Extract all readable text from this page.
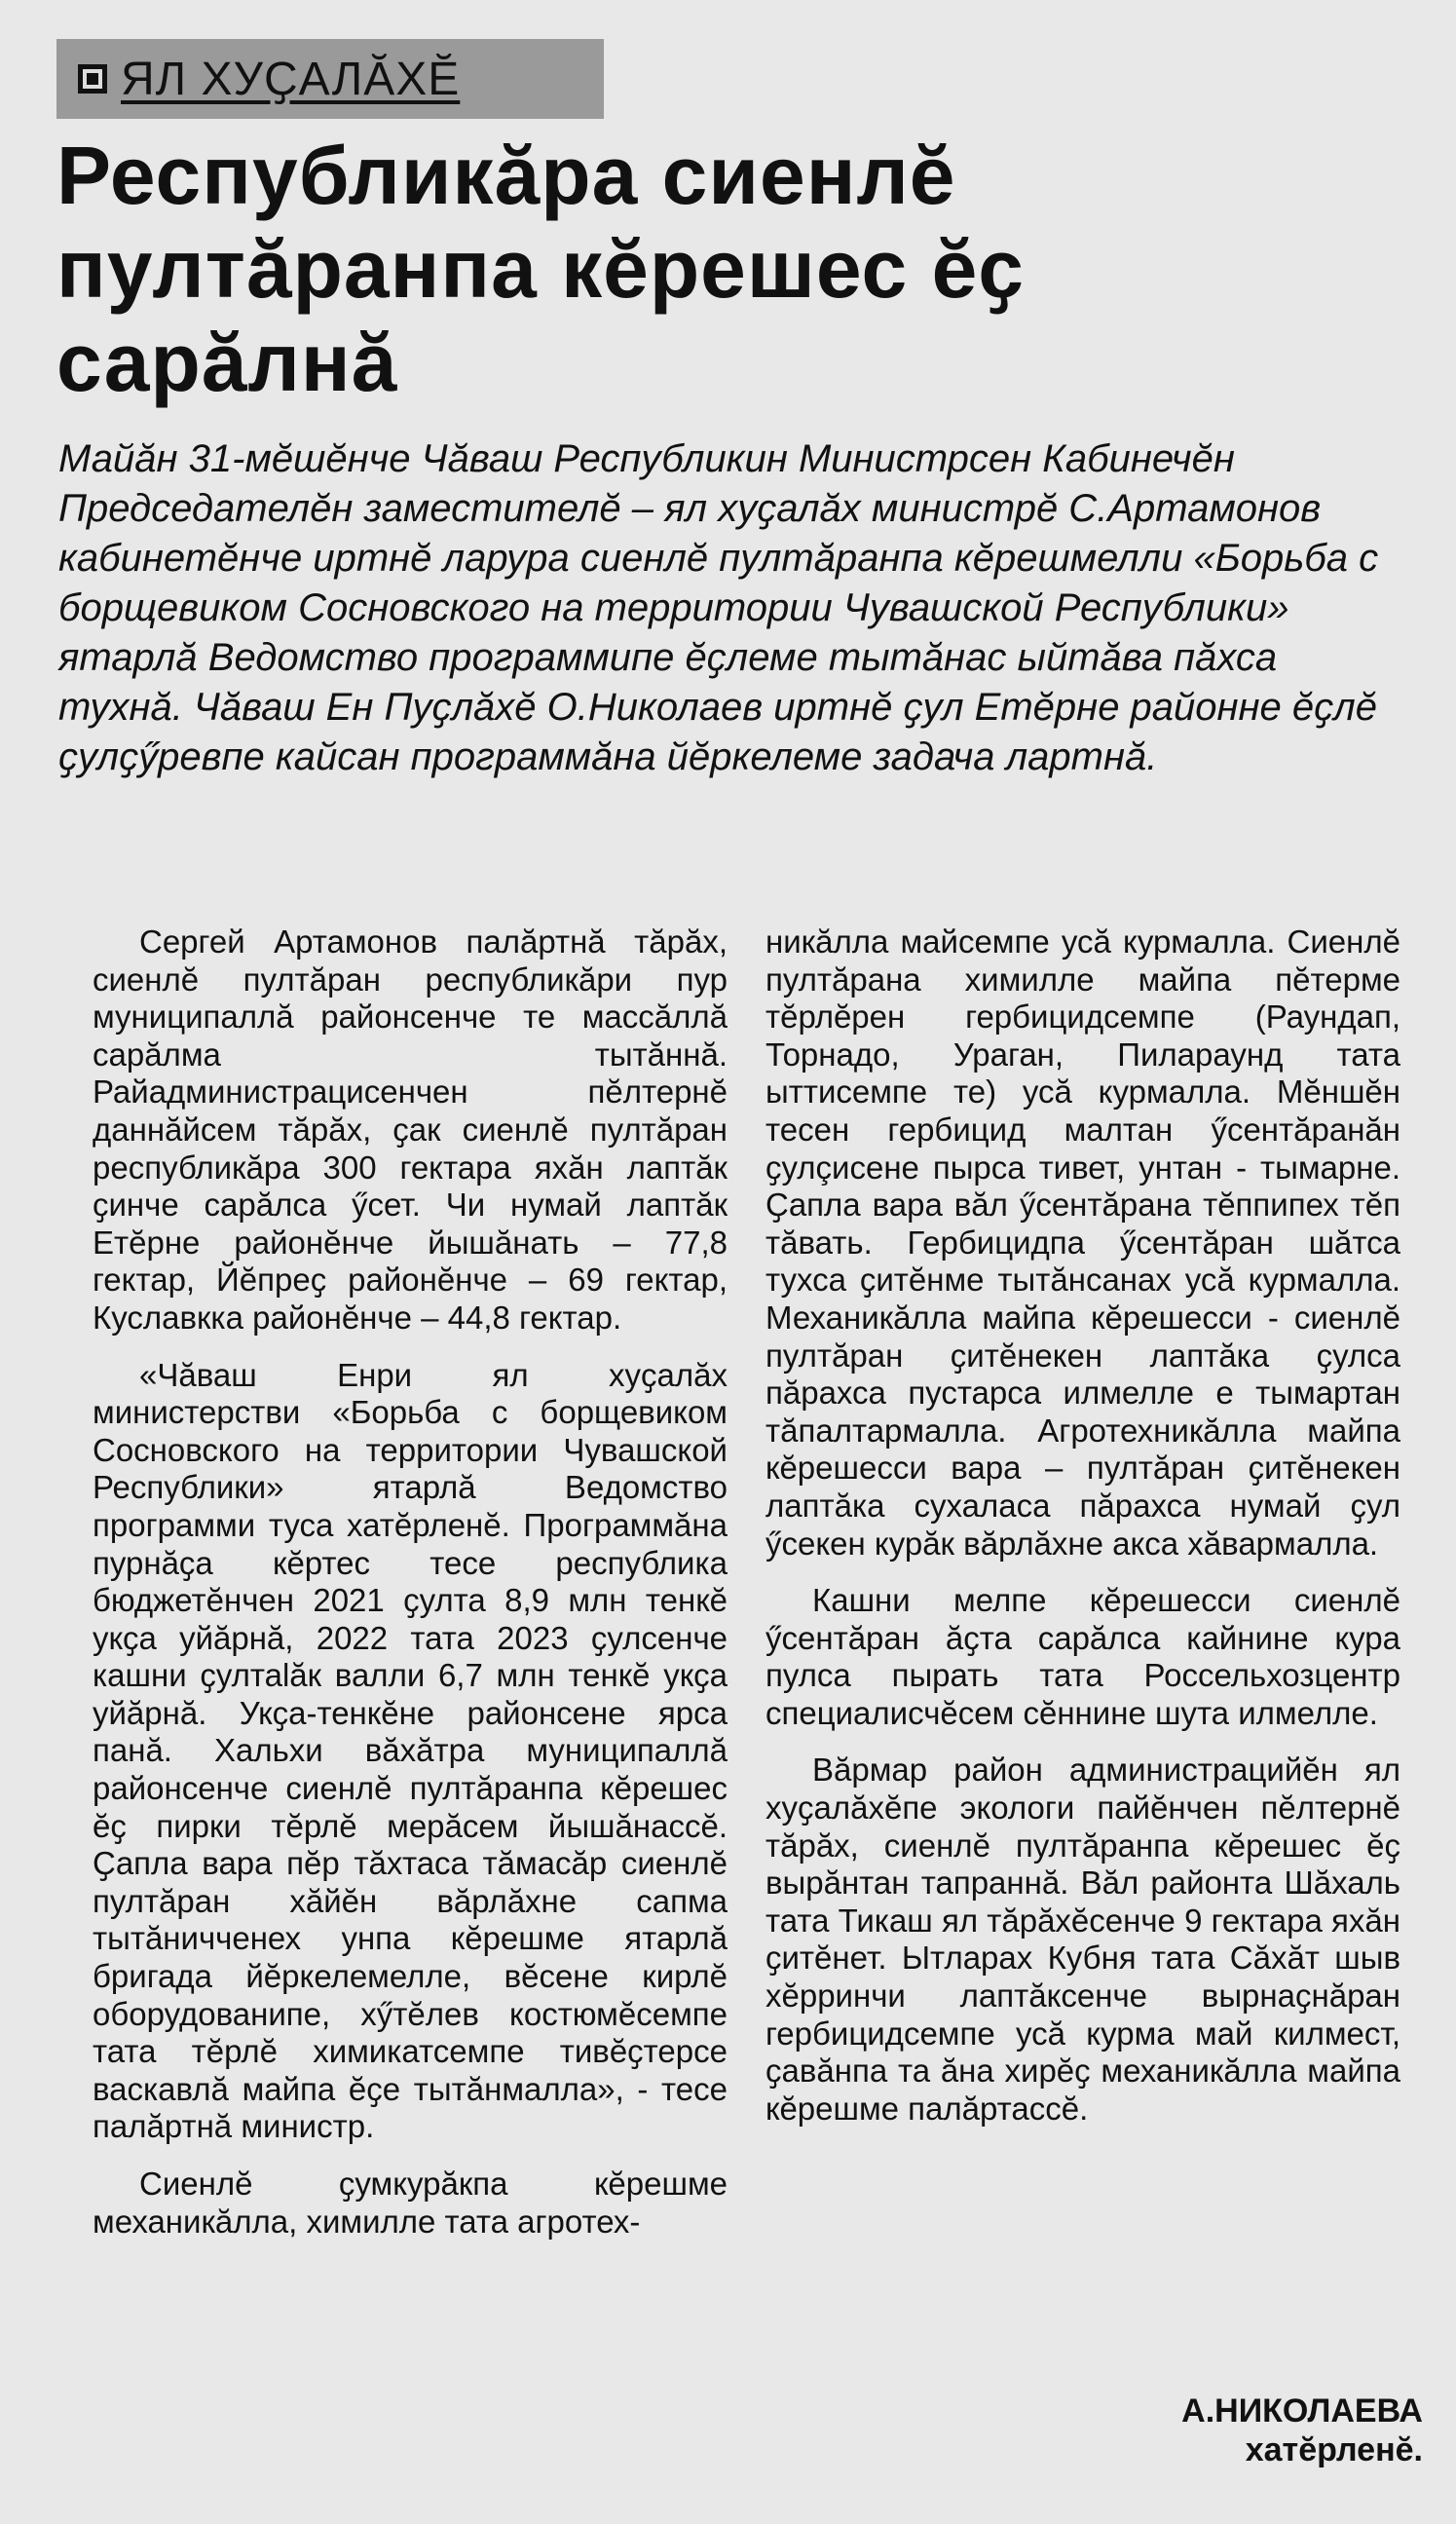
ЯЛ ХУҪАЛĂХĔ
Республикăра сиенлĕ
пултăранпа кĕрешес ĕҫ
сарăлнă
Майăн 31-мĕшĕнче Чăваш Республикин Министрсен Кабинечĕн Председателĕн заместителĕ – ял хуҫалăх министрĕ С.Артамонов кабинетĕнче иртнĕ ларура сиенлĕ пултăранпа кĕрешмелли «Борьба с борщевиком Сосновского на территории Чувашской Республики» ятарлă Ведомство программипе ĕҫлеме тытăнас ыйтăва пăхса тухнă. Чăваш Ен Пуҫлăхĕ О.Николаев иртнĕ ҫул Етĕрне районне ĕҫлĕ ҫулҫӳревпе кайсан программăна йĕркелеме задача лартнă.

Сергей Артамонов палăртнă тăрăх, сиенлĕ пултăран республикăри пур муниципаллă районсенче те массăллă сарăлма тытăннă. Райадминистрацисенчен пĕлтернĕ даннăйсем тăрăх, ҫак сиенлĕ пултăран республикăра 300 гектара яхăн лаптăк ҫинче сарăлса ӳсет. Чи нумай лаптăк Етĕрне районĕнче йышăнать – 77,8 гектар, Йĕпреҫ районĕнче – 69 гектар, Куславкка районĕнче – 44,8 гектар.

«Чăваш Енри ял хуҫалăх министерстви «Борьба с борщевиком Сосновского на территории Чувашской Республики» ятарлă Ведомство программи туса хатĕрленĕ. Программăна пурнăҫа кĕртес тесе республика бюджетĕнчен 2021 ҫулта 8,9 млн тенкĕ укҫа уйăрнă, 2022 тата 2023 ҫулсенче кашни ҫултаlăк валли 6,7 млн тенкĕ укҫа уйăрнă. Укҫа-тенкĕне районсене ярса панă. Хальхи вăхăтра муниципаллă районсенче сиенлĕ пултăранпа кĕрешес ĕҫ пирки тĕрлĕ мерăсем йышăнассĕ. Ҫапла вара пĕр тăхтаса тăмасăр сиенлĕ пултăран хăйĕн вăрлăхне сапма тытăничченех унпа кĕрешме ятарлă бригада йĕркелемелле, вĕсене кирлĕ оборудованипе, хӳтĕлев костюмĕсемпе тата тĕрлĕ химикатсемпе тивĕҫтерсе васкавлă майпа ĕҫе тытăнмалла», - тесе палăртнă министр.

Сиенлĕ ҫумкурăкпа кĕрешме механикăлла, химилле тата агротех-

никăлла майсемпе усă курмалла. Сиенлĕ пултăрана химилле майпа пĕтерме тĕрлĕрен гербицидсемпе (Раундап, Торнадо, Ураган, Пилараунд тата ыттисемпе те) усă курмалла. Мĕншĕн тесен гербицид малтан ӳсентăранăн ҫулçисене пырса тивет, унтан - тымарне. Ҫапла вара вăл ӳсентăрана тĕппипех тĕп тăвать. Гербицидпа ӳсентăран шăтса тухса ҫитĕнме тытăнсанах усă курмалла. Механикăлла майпа кĕрешесси - сиенлĕ пултăран ҫитĕнекен лаптăка ҫулса пăрахса пустарса илмелле е тымартан тăпалтармалла. Агротехникăлла майпа кĕрешесси вара – пултăран ҫитĕнекен лаптăка сухаласа пăрахса нумай ҫул ӳсекен курăк вăрлăхне акса хăвармалла.

Кашни мелпе кĕрешесси сиенлĕ ӳсентăран ăҫта сарăлса кайнине кура пулса пырать тата Россельхозцентр специалисчĕсем сĕннине шута илмелле.

Вăрмар район администрацийĕн ял хуҫалăхĕпе экологи пайĕнчен пĕлтернĕ тăрăх, сиенлĕ пултăранпа кĕрешес ĕҫ вырăнтан тапраннă. Вăл районта Шăхаль тата Тикаш ял тăрăхĕсенче 9 гектара яхăн ҫитĕнет. Ытларах Кубня тата Сăхăт шыв хĕрринчи лаптăксенче вырнаҫнăран гербицидсемпе усă курма май килмест, ҫавăнпа та ăна хирĕҫ механикăлла майпа кĕрешме палăртассĕ.

А.НИКОЛАЕВА
хатĕрленĕ.
